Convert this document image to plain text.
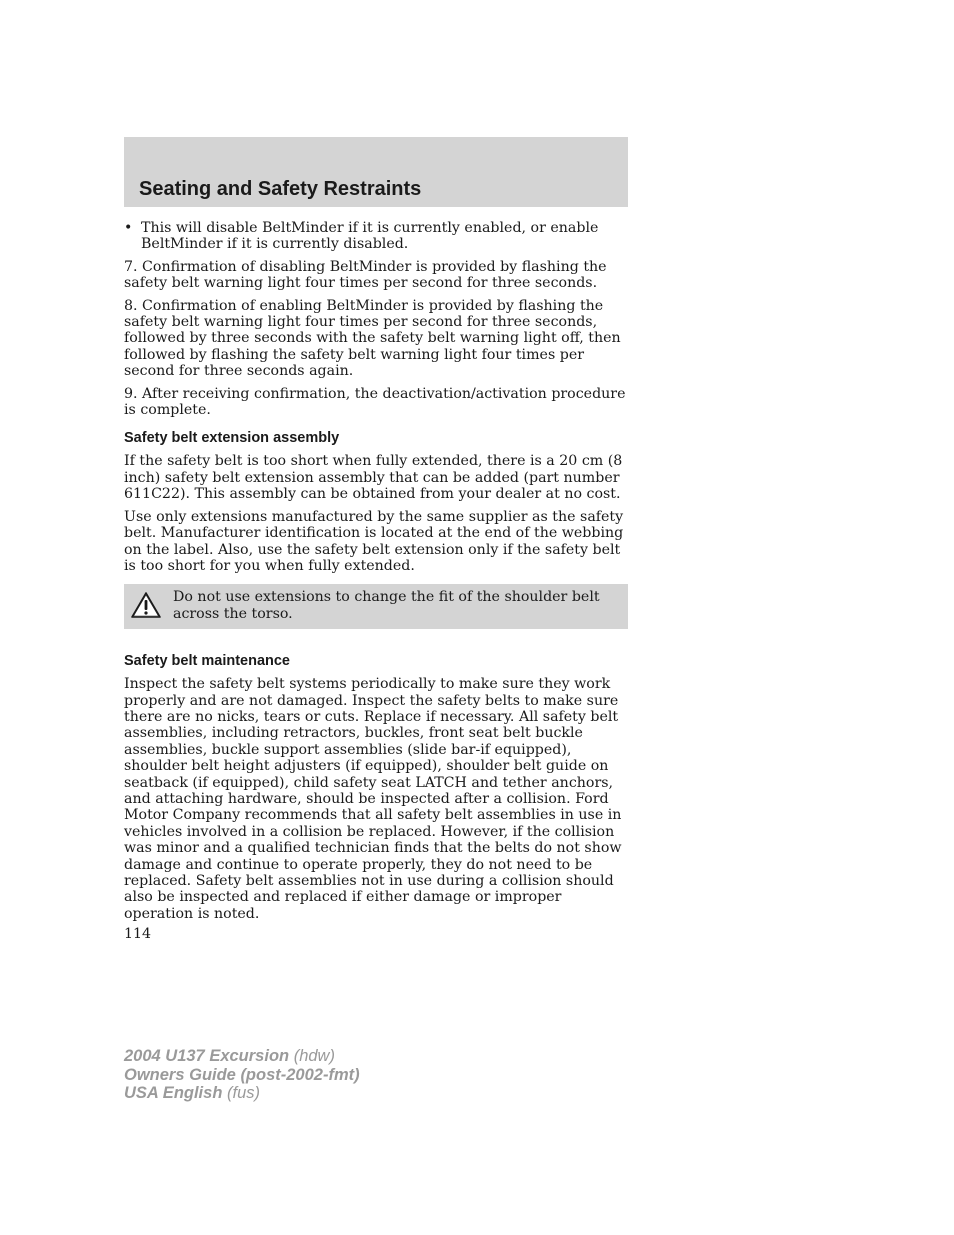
Seating and Safety Restraints
• This will disable BeltMinder if it is currently enabled, or enable BeltMinder if it is currently disabled.

7. Confirmation of disabling BeltMinder is provided by flashing the safety belt warning light four times per second for three seconds.

8. Confirmation of enabling BeltMinder is provided by flashing the safety belt warning light four times per second for three seconds, followed by three seconds with the safety belt warning light off, then followed by flashing the safety belt warning light four times per second for three seconds again.

9. After receiving confirmation, the deactivation/activation procedure is complete.

Safety belt extension assembly

If the safety belt is too short when fully extended, there is a 20 cm (8 inch) safety belt extension assembly that can be added (part number 611C22). This assembly can be obtained from your dealer at no cost.

Use only extensions manufactured by the same supplier as the safety belt. Manufacturer identification is located at the end of the webbing on the label. Also, use the safety belt extension only if the safety belt is too short for you when fully extended.

Do not use extensions to change the fit of the shoulder belt across the torso.
Safety belt maintenance

Inspect the safety belt systems periodically to make sure they work properly and are not damaged. Inspect the safety belts to make sure there are no nicks, tears or cuts. Replace if necessary. All safety belt assemblies, including retractors, buckles, front seat belt buckle assemblies, buckle support assemblies (slide bar-if equipped), shoulder belt height adjusters (if equipped), shoulder belt guide on seatback (if equipped), child safety seat LATCH and tether anchors, and attaching hardware, should be inspected after a collision. Ford Motor Company recommends that all safety belt assemblies in use in vehicles involved in a collision be replaced. However, if the collision was minor and a qualified technician finds that the belts do not show damage and continue to operate properly, they do not need to be replaced. Safety belt assemblies not in use during a collision should also be inspected and replaced if either damage or improper operation is noted.

114
2004 U137 Excursion (hdw)
Owners Guide (post-2002-fmt)
USA English (fus)
